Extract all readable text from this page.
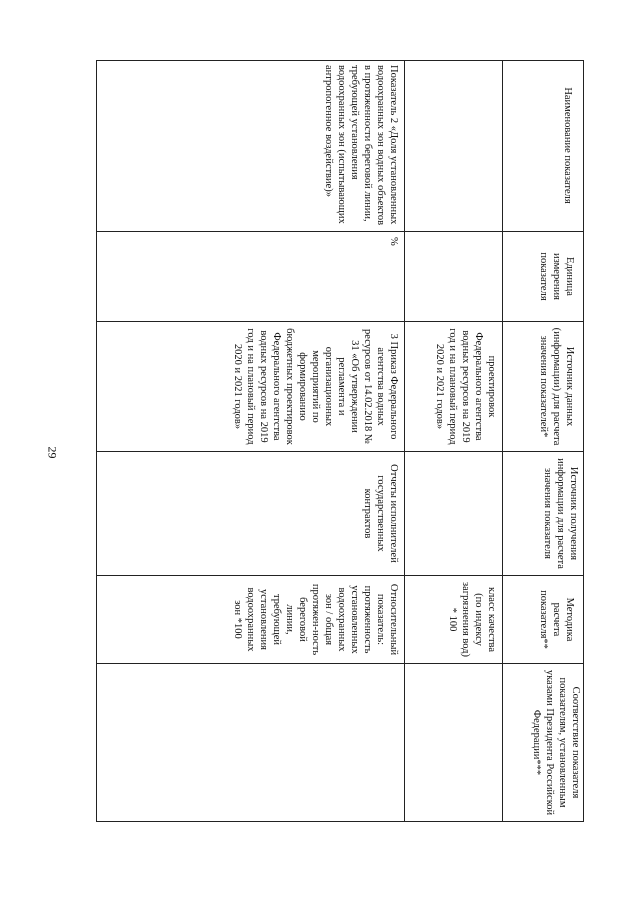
29
Наименование показателя
Единица измерения показателя
Источник данных (информации) для расчета значения показателей*
Источник получения информации для расчета значения показателя
Методика расчета показателя**
Соответствие показателя показателям, установленным указами Президента Российской Федерации***
проектировок Федерального агентства водных ресурсов на 2019 год и на плановый период 2020 и 2021 годов»
класс качества (по индексу загрязнения вод) * 100
Показатель 2 «Доля установленных водоохранных зон водных объектов в протяженности береговой линии, требующей установления водоохранных зон (испытывающих антропогенное воздействие)»
%
3 Приказ Федерального агентства водных ресурсов от 14.02.2018 № 31 «Об утверждении регламента и организационных мероприятий по формированию бюджетных проектировок Федерального агентства водных ресурсов на 2019 год и на плановый период 2020 и 2021 годов»
Отчеты исполнителей государственных контрактов
Относительный показатель: протяженность установленных водоохранных зон / общая протяжен-ность береговой линии, требующей установления водоохранных зон *100
